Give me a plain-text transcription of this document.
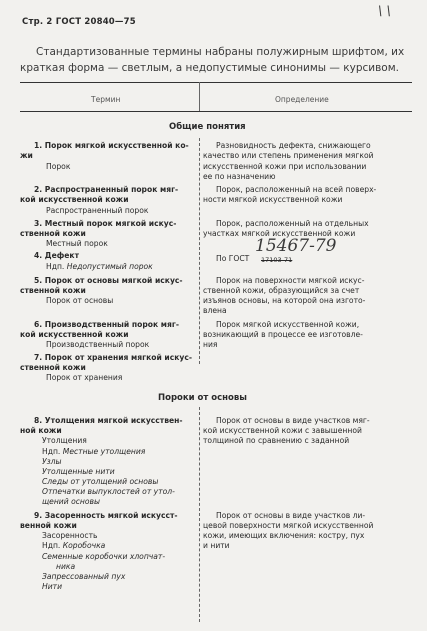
Стр. 2 ГОСТ 20840—75
\ \
Стандартизованные термины набраны полужирным шрифтом, их
краткая форма — светлым, а недопустимые синонимы — курсивом.
Термин	Определение
Общие понятия
1. Порок мягкой искусственной ко-
жи
Порок
Разновидность дефекта, снижающего
качество или степень применения мягкой
искусственной кожи при использовании
ее по назначению
2. Распространенный порок мяг-
кой искусственной кожи
Распространенный порок
Порок, расположенный на всей поверх-
ности мягкой искусственной кожи
3. Местный порок мягкой искус-
ственной кожи
Местный порок
Порок, расположенный на отдельных
участках мягкой искусственной кожи
4. Дефект
Ндп. Недопустимый порок
По ГОСТ
15467-79
17103-71
5. Порок от основы мягкой искус-
ственной кожи
Порок от основы
Порок на поверхности мягкой искус-
ственной кожи, образующийся за счет
изъянов основы, на которой она изгото-
влена
6. Производственный порок мяг-
кой искусственной кожи
Производственный порок
Порок мягкой искусственной кожи,
возникающий в процессе ее изготовле-
ния
7. Порок от хранения мягкой искус-
ственной кожи
Порок от хранения
Пороки от основы
8. Утолщения мягкой искусствен-
ной кожи
Утолщения
Ндп. Местные утолщения
Узлы
Утолщенные нити
Следы от утолщений основы
Отпечатки выпуклостей от утол-
щений основы
Порок от основы в виде участков мяг-
кой искусственной кожи с завышенной
толщиной по сравнению с заданной
9. Засоренность мягкой искусст-
венной кожи
Засоренность
Ндп. Коробочка
Семенные коробочки хлопчат-
ника
Запрессованный пух
Нити
Порок от основы в виде участков ли-
цевой поверхности мягкой искусственной
кожи, имеющих включения: костру, пух
и нити
